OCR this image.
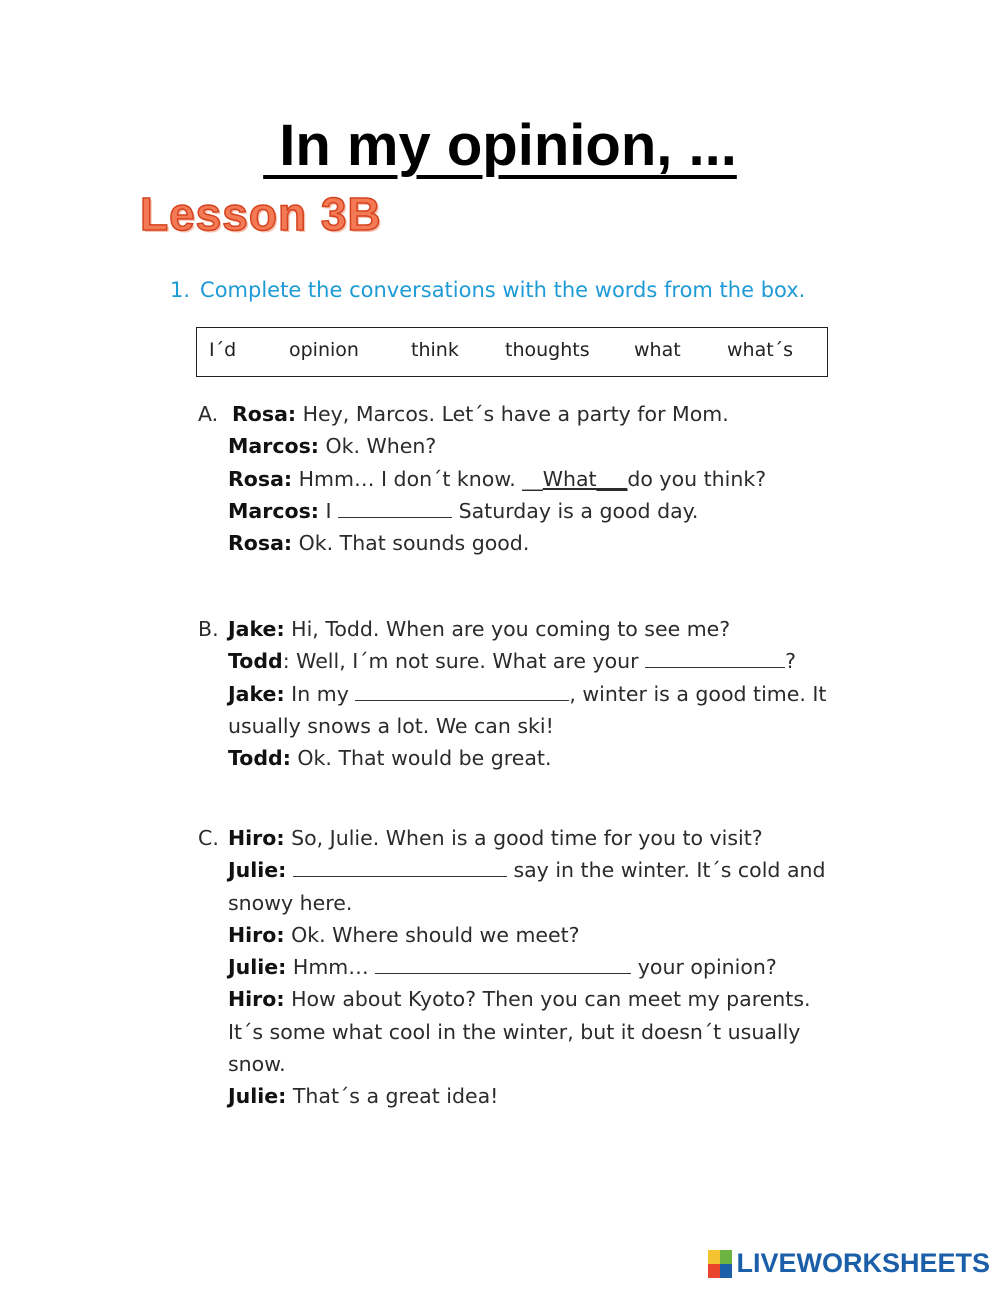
In my opinion, ...
Lesson 3B

1. Complete the conversations with the words from the box.

I´d	opinion	think thoughts what what´s
A. Rosa: Hey, Marcos. Let´s have a party for Mom.
Marcos: Ok. When?
Rosa: Hmm… I don´t know. __What___do you think?
Marcos: I	Saturday is a good day.
Rosa: Ok. That sounds good.
B. Jake: Hi, Todd. When are you coming to see me?
Todd: Well, I´m not sure. What are your	?
Jake: In my	, winter is a good time. It
usually snows a lot. We can ski!
Todd: Ok. That would be great.
C. Hiro: So, Julie. When is a good time for you to visit?
Julie:	say in the winter. It´s cold and
snowy here.
Hiro: Ok. Where should we meet?
Julie: Hmm…	your opinion?
Hiro: How about Kyoto? Then you can meet my parents.
It´s some what cool in the winter, but it doesn´t usually
snow.
Julie: That´s a great idea!
LIVEWORKSHEETS
